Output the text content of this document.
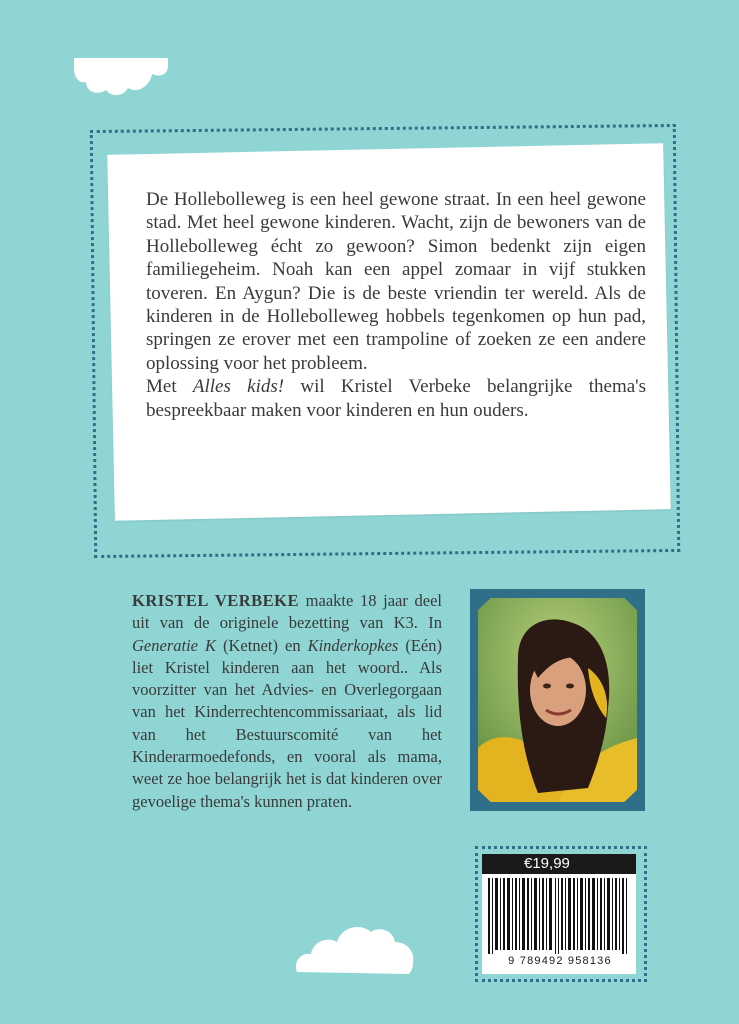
De Hollebolleweg is een heel gewone straat. In een heel gewone stad. Met heel gewone kinderen. Wacht, zijn de bewoners van de Hollebolleweg écht zo gewoon? Simon bedenkt zijn eigen familiegeheim. Noah kan een appel zomaar in vijf stukken toveren. En Aygun? Die is de beste vriendin ter wereld. Als de kinderen in de Hollebolleweg hobbels tegenkomen op hun pad, springen ze erover met een trampoline of zoeken ze een andere oplossing voor het probleem.

Met Alles kids! wil Kristel Verbeke belangrijke thema's bespreekbaar maken voor kinderen en hun ouders.

KRISTEL VERBEKE maakte 18 jaar deel uit van de originele bezetting van K3. In Generatie K (Ketnet) en Kinderkopkes (Eén) liet Kristel kinderen aan het woord.. Als voorzitter van het Advies- en Overlegorgaan van het Kinderrechtencommissariaat, als lid van het Bestuurscomité van het Kinderarmoedefonds, en vooral als mama, weet ze hoe belangrijk het is dat kinderen over gevoelige thema's kunnen praten.
€19,99
9 789492 958136
